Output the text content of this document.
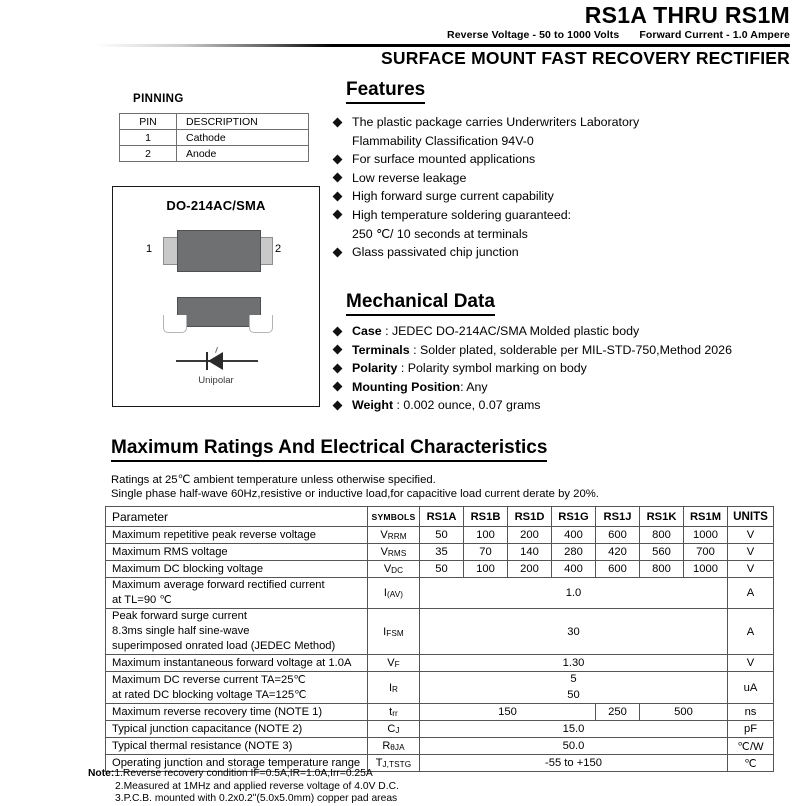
RS1A THRU RS1M
Reverse Voltage - 50 to 1000 Volts Forward Current - 1.0 Ampere
SURFACE MOUNT FAST RECOVERY RECTIFIER
PINNING
PIN	DESCRIPTION
1	Cathode
2	Anode
DO-214AC/SMA
1	2
Unipolar
Features
The plastic package carries Underwriters Laboratory
Flammability Classification 94V-0
For surface mounted applications
Low reverse leakage
High forward surge current capability
High temperature soldering guaranteed:
250 ℃/ 10 seconds at terminals
Glass passivated chip junction
Mechanical Data
Case : JEDEC DO-214AC/SMA Molded plastic body
Terminals : Solder plated, solderable per MIL-STD-750,Method 2026
Polarity : Polarity symbol marking on body
Mounting Position: Any
Weight : 0.002 ounce, 0.07 grams
Maximum Ratings And Electrical Characteristics
Ratings at 25℃ ambient temperature unless otherwise specified.
Single phase half-wave 60Hz,resistive or inductive load,for capacitive load current derate by 20%.
Parameter	SYMBOLS	RS1A	RS1B	RS1D	RS1G	RS1J	RS1K	RS1M	UNITS
Maximum repetitive peak reverse voltage	$V_{RRM}$	50	100	200	400	600	800	1000	V
Maximum RMS voltage	$V_{RMS}$	35	70	140	280	420	560	700	V
Maximum DC blocking voltage	$V_{DC}$	50	100	200	400	600	800	1000	V
Maximum average forward rectified current
at TL=90 ℃	$I_{(AV)}$	1.0							A
Peak forward surge current
8.3ms single half sine-wave
superimposed onrated load (JEDEC Method)	$I_{FSM}$	30							A
Maximum instantaneous forward voltage at 1.0A	$V_F$	1.30							V
Maximum DC reverse current TA=25℃
at rated DC blocking voltage TA=125℃	$I_R$	5
50							uA
Maximum reverse recovery time (NOTE 1)	$t_{rr}$	150				250	500		ns
Typical junction capacitance (NOTE 2)	$C_J$	15.0							pF
Typical thermal resistance (NOTE 3)	$R_{\theta JA}$	50.0							℃/W
Operating junction and storage temperature range	$T_{J,TSTG}$	-55 to +150							℃
Note:1.Reverse recovery condition IF=0.5A,IR=1.0A,Irr=0.25A
2.Measured at 1MHz and applied reverse voltage of 4.0V D.C.
3.P.C.B. mounted with 0.2x0.2ʺ(5.0x5.0mm) copper pad areas
